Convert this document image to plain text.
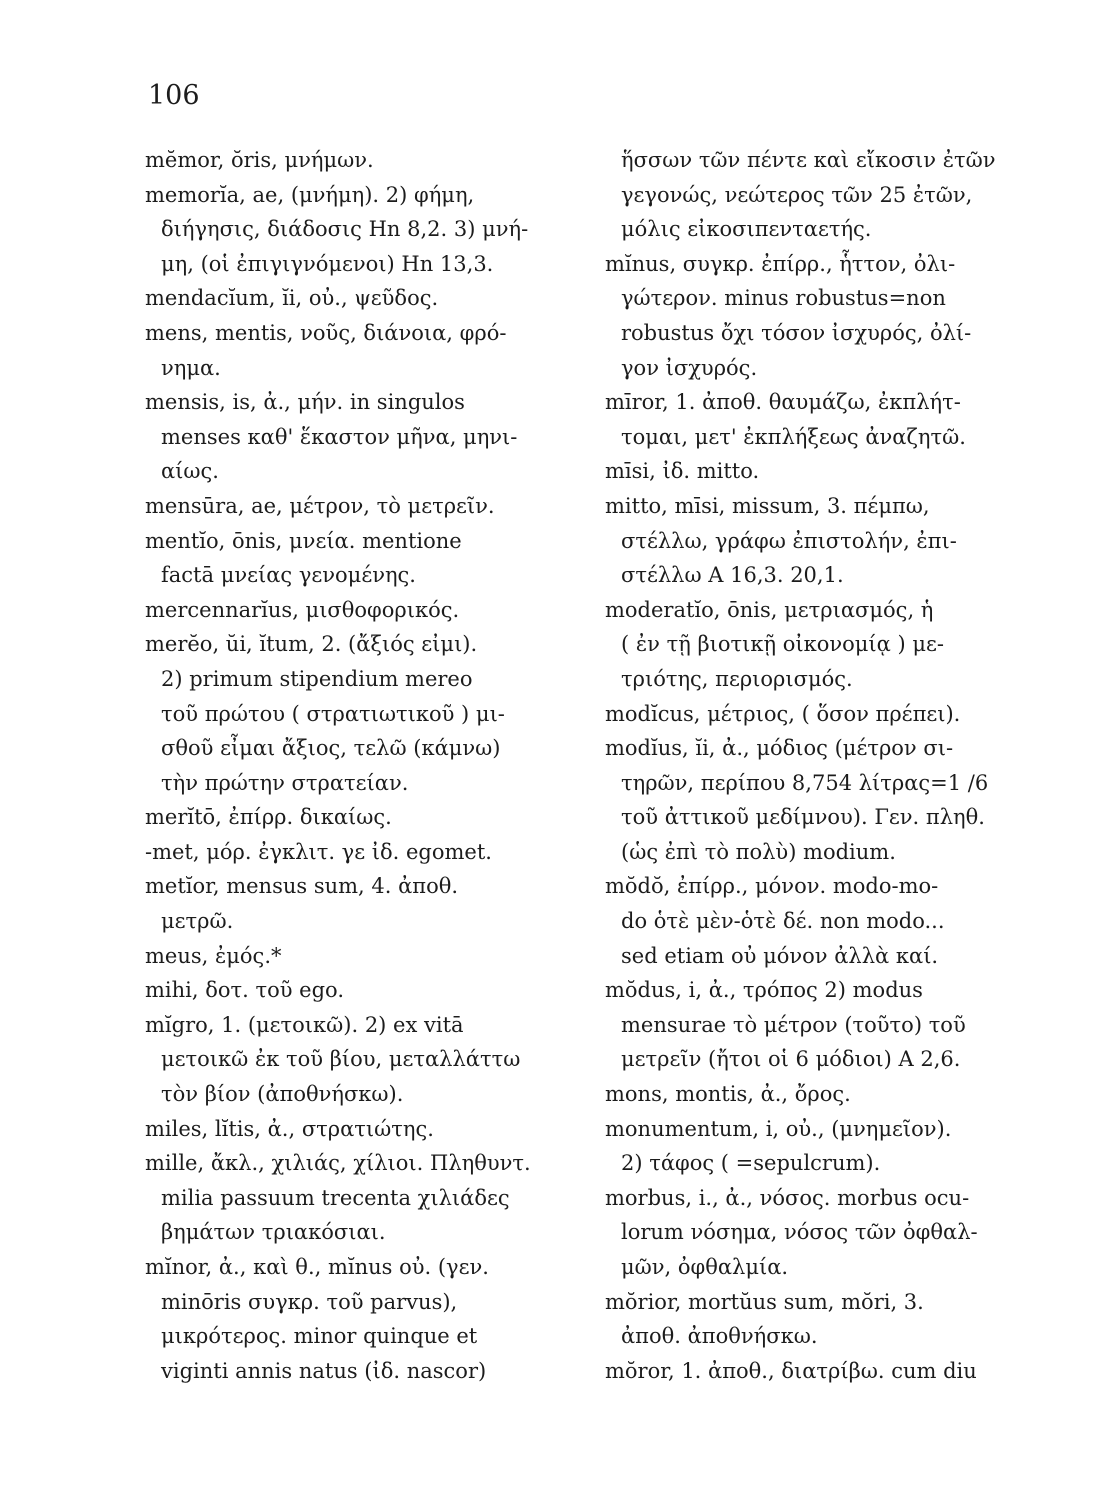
106
mĕmor, ŏris, μνήμων.
memorĭa, ae, (μνήμη). 2) φήμη,
διήγησις, διάδοσις Hn 8,2. 3) μνή-
μη, (οἱ ἐπιγιγνόμενοι) Hn 13,3.
mendacĭum, ĭi, οὐ., ψεῦδος.
mens, mentis, νοῦς, διάνοια, φρό-
νημα.
mensis, is, ἀ., μήν. in singulos
menses καθ' ἕκαστον μῆνα, μηνι-
αίως.
mensūra, ae, μέτρον, τὸ μετρεῖν.
mentĭo, ōnis, μνεία. mentione
factā μνείας γενομένης.
mercennarĭus, μισθοφορικός.
merĕo, ŭi, ĭtum, 2. (ἄξιός εἰμι).
2) primum stipendium mereo
τοῦ πρώτου ( στρατιωτικοῦ ) μι-
σθοῦ εἶμαι ἄξιος, τελῶ (κάμνω)
τὴν πρώτην στρατείαν.
merĭtō, ἐπίρρ. δικαίως.
-met, μόρ. ἐγκλιτ. γε ἰδ. egomet.
metĭor, mensus sum, 4. ἀποθ.
μετρῶ.
meus, ἐμός.*
mihi, δοτ. τοῦ ego.
mĭgro, 1. (μετοικῶ). 2) ex vitā
μετοικῶ ἐκ τοῦ βίου, μεταλλάττω
τὸν βίον (ἀποθνήσκω).
miles, lĭtis, ἀ., στρατιώτης.
mille, ἄκλ., χιλιάς, χίλιοι. Πληθυντ.
milia passuum trecenta χιλιάδες
βημάτων τριακόσιαι.
mĭnor, ἀ., καὶ θ., mĭnus οὐ. (γεν.
minōris συγκρ. τοῦ parvus),
μικρότερος. minor quinque et
viginti annis natus (ἰδ. nascor)
ἥσσων τῶν πέντε καὶ εἴκοσιν ἐτῶν
γεγονώς, νεώτερος τῶν 25 ἐτῶν,
μόλις εἰκοσιπενταετής.
mĭnus, συγκρ. ἐπίρρ., ἧττον, ὀλι-
γώτερον. minus robustus=non
robustus ὄχι τόσον ἰσχυρός, ὀλί-
γον ἰσχυρός.
mīror, 1. ἀποθ. θαυμάζω, ἐκπλήτ-
τομαι, μετ' ἐκπλήξεως ἀναζητῶ.
mīsi, ἰδ. mitto.
mitto, mīsi, missum, 3. πέμπω,
στέλλω, γράφω ἐπιστολήν, ἐπι-
στέλλω A 16,3. 20,1.
moderatĭo, ōnis, μετριασμός, ἡ
( ἐν τῇ βιοτικῇ οἰκονομίᾳ ) με-
τριότης, περιορισμός.
modĭcus, μέτριος, ( ὅσον πρέπει).
modĭus, ĭi, ἀ., μόδιος (μέτρον σι-
τηρῶν, περίπου 8,754 λίτρας=1 /6
τοῦ ἀττικοῦ μεδίμνου). Γεν. πληθ.
(ὡς ἐπὶ τὸ πολὺ) modium.
mŏdŏ, ἐπίρρ., μόνον. modo-mo-
do ὁτὲ μὲν-ὁτὲ δέ. non modo...
sed etiam οὐ μόνον ἀλλὰ καί.
mŏdus, i, ἀ., τρόπος 2) modus
mensurae τὸ μέτρον (τοῦτο) τοῦ
μετρεῖν (ἤτοι οἱ 6 μόδιοι) A 2,6.
mons, montis, ἀ., ὄρος.
monumentum, i, οὐ., (μνημεῖον).
2) τάφος ( =sepulcrum).
morbus, i., ἀ., νόσος. morbus ocu-
lorum νόσημα, νόσος τῶν ὀφθαλ-
μῶν, ὀφθαλμία.
mŏrior, mortŭus sum, mŏri, 3.
ἀποθ. ἀποθνήσκω.
mŏror, 1. ἀποθ., διατρίβω. cum diu
